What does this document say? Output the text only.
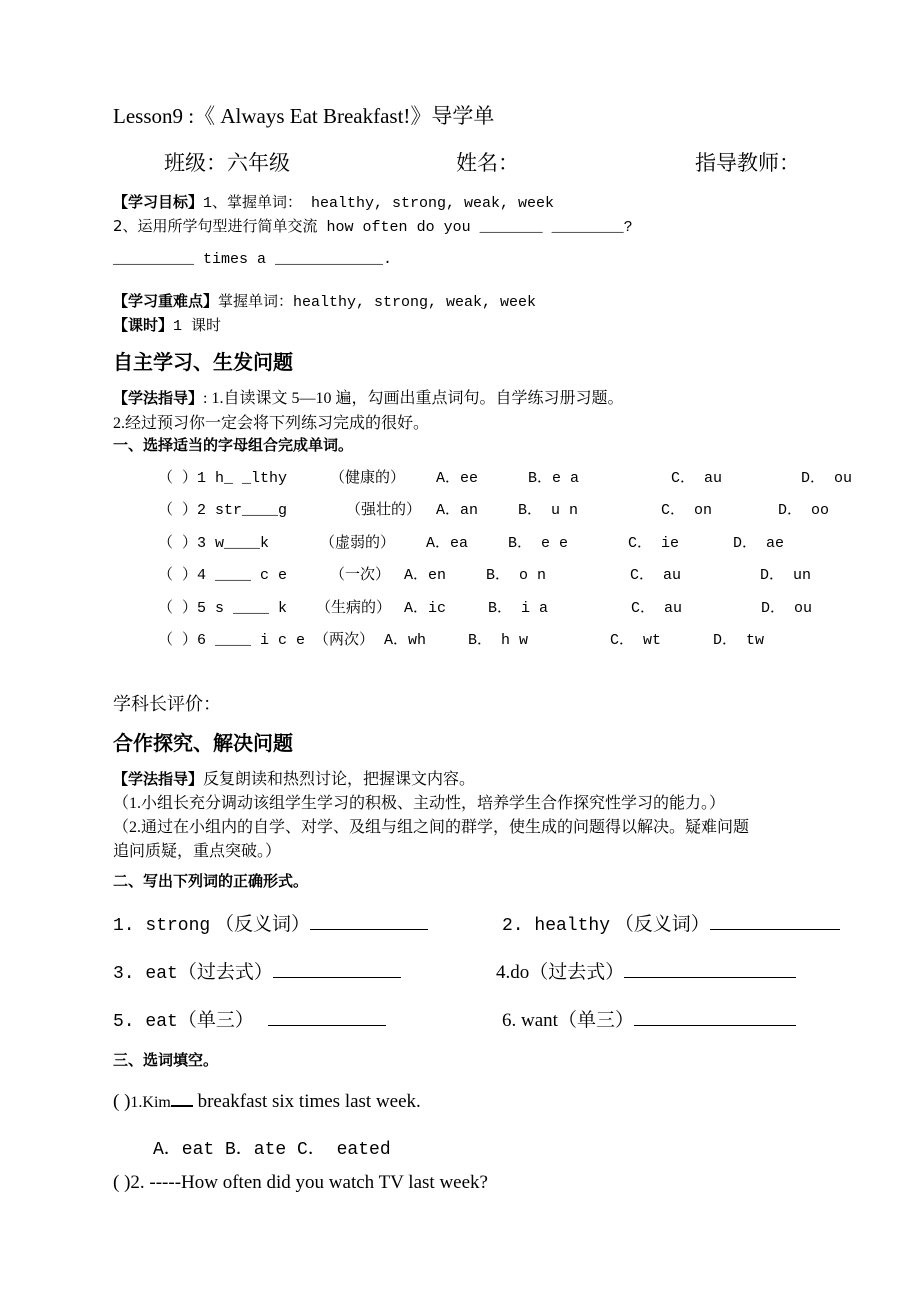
Lesson9 :《 Always Eat Breakfast!》导学单
班级：六年级	姓名：	指导教师：
【学习目标】1、掌握单词： healthy, strong, weak, week
2、运用所学句型进行简单交流 how often do you _______ ________?
_________ times a ____________.
【学习重难点】掌握单词：healthy, strong, weak, week
【课时】1 课时
自主学习、生发问题
【学法指导】: 1.自读课文 5—10 遍，勾画出重点词句。自学练习册习题。
2.经过预习你一定会将下列练习完成的很好。
一、选择适当的字母组合完成单词。
（ ）1 h_ _lthy	（健康的） A．ee	B．e a	C． au	D． ou
（ ）2 str____g	（强壮的） A．an	B． u n	C． on	D． oo
（ ）3 w____k	（虚弱的） A．ea	B． e e	C． ie	D． ae
（ ）4 ____ c e	（一次） A．en	B． o n	C． au	D． un
（ ）5 s ____ k （生病的） A．ic	B． i a	C． au	D． ou
（ ）6 ____ i c e （两次） A．wh	B． h w	C． wt	D． tw
学科长评价：
合作探究、解决问题
【学法指导】反复朗读和热烈讨论，把握课文内容。
（1.小组长充分调动该组学生学习的积极、主动性，培养学生合作探究性学习的能力。）
（2.通过在小组内的自学、对学、及组与组之间的群学，使生成的问题得以解决。疑难问题
追问质疑，重点突破。）
二、写出下列词的正确形式。
1. strong （反义词）	2. healthy （反义词）
3. eat（过去式）	4.do（过去式）
5. eat（单三）	6. want（单三）
三、选词填空。
( )1.Kim breakfast six times last week.
A．eat B．ate C． eated
( )2. -----How often did you watch TV last week?
